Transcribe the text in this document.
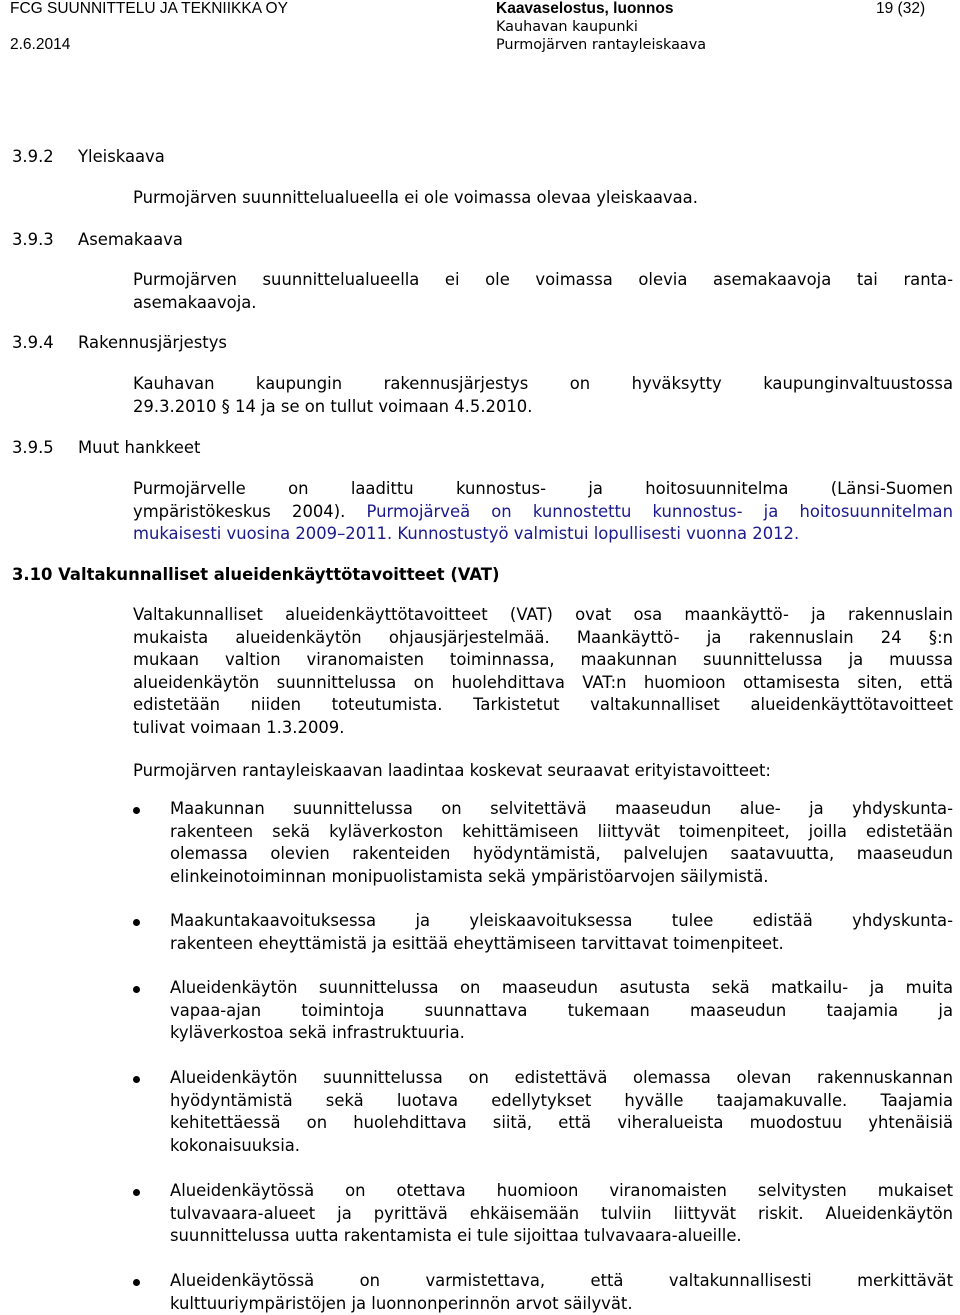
FCG SUUNNITTELU JA TEKNIIKKA OY
2.6.2014
Kaavaselostus, luonnos
Kauhavan kaupunki
Purmojärven rantayleiskaava
19 (32)
3.9.2 Yleiskaava
Purmojärven suunnittelualueella ei ole voimassa olevaa yleiskaavaa.
3.9.3 Asemakaava
Purmojärven suunnittelualueella ei ole voimassa olevia asemakaavoja tai ranta-
asemakaavoja.
3.9.4 Rakennusjärjestys
Kauhavan kaupungin rakennusjärjestys on hyväksytty kaupunginvaltuustossa
29.3.2010 § 14 ja se on tullut voimaan 4.5.2010.
3.9.5 Muut hankkeet
Purmojärvelle on laadittu kunnostus- ja hoitosuunnitelma (Länsi-Suomen
ympäristökeskus 2004). Purmojärveä on kunnostettu kunnostus- ja hoitosuunnitelman
mukaisesti vuosina 2009–2011. Kunnostustyö valmistui lopullisesti vuonna 2012.
3.10 Valtakunnalliset alueidenkäyttötavoitteet (VAT)
Valtakunnalliset alueidenkäyttötavoitteet (VAT) ovat osa maankäyttö- ja rakennuslain
mukaista alueidenkäytön ohjausjärjestelmää. Maankäyttö- ja rakennuslain 24 §:n
mukaan valtion viranomaisten toiminnassa, maakunnan suunnittelussa ja muussa
alueidenkäytön suunnittelussa on huolehdittava VAT:n huomioon ottamisesta siten, että
edistetään niiden toteutumista. Tarkistetut valtakunnalliset alueidenkäyttötavoitteet
tulivat voimaan 1.3.2009.
Purmojärven rantayleiskaavan laadintaa koskevat seuraavat erityistavoitteet:
Maakunnan suunnittelussa on selvitettävä maaseudun alue- ja yhdyskunta-
rakenteen sekä kyläverkoston kehittämiseen liittyvät toimenpiteet, joilla edistetään
olemassa olevien rakenteiden hyödyntämistä, palvelujen saatavuutta, maaseudun
elinkeinotoiminnan monipuolistamista sekä ympäristöarvojen säilymistä.
Maakuntakaavoituksessa ja yleiskaavoituksessa tulee edistää yhdyskunta-
rakenteen eheyttämistä ja esittää eheyttämiseen tarvittavat toimenpiteet.
Alueidenkäytön suunnittelussa on maaseudun asutusta sekä matkailu- ja muita
vapaa-ajan toimintoja suunnattava tukemaan maaseudun taajamia ja
kyläverkostoa sekä infrastruktuuria.
Alueidenkäytön suunnittelussa on edistettävä olemassa olevan rakennuskannan
hyödyntämistä sekä luotava edellytykset hyvälle taajamakuvalle. Taajamia
kehitettäessä on huolehdittava siitä, että viheralueista muodostuu yhtenäisiä
kokonaisuuksia.
Alueidenkäytössä on otettava huomioon viranomaisten selvitysten mukaiset
tulvavaara-alueet ja pyrittävä ehkäisemään tulviin liittyvät riskit. Alueidenkäytön
suunnittelussa uutta rakentamista ei tule sijoittaa tulvavaara-alueille.
Alueidenkäytössä on varmistettava, että valtakunnallisesti merkittävät
kulttuuriympäristöjen ja luonnonperinnön arvot säilyvät.
